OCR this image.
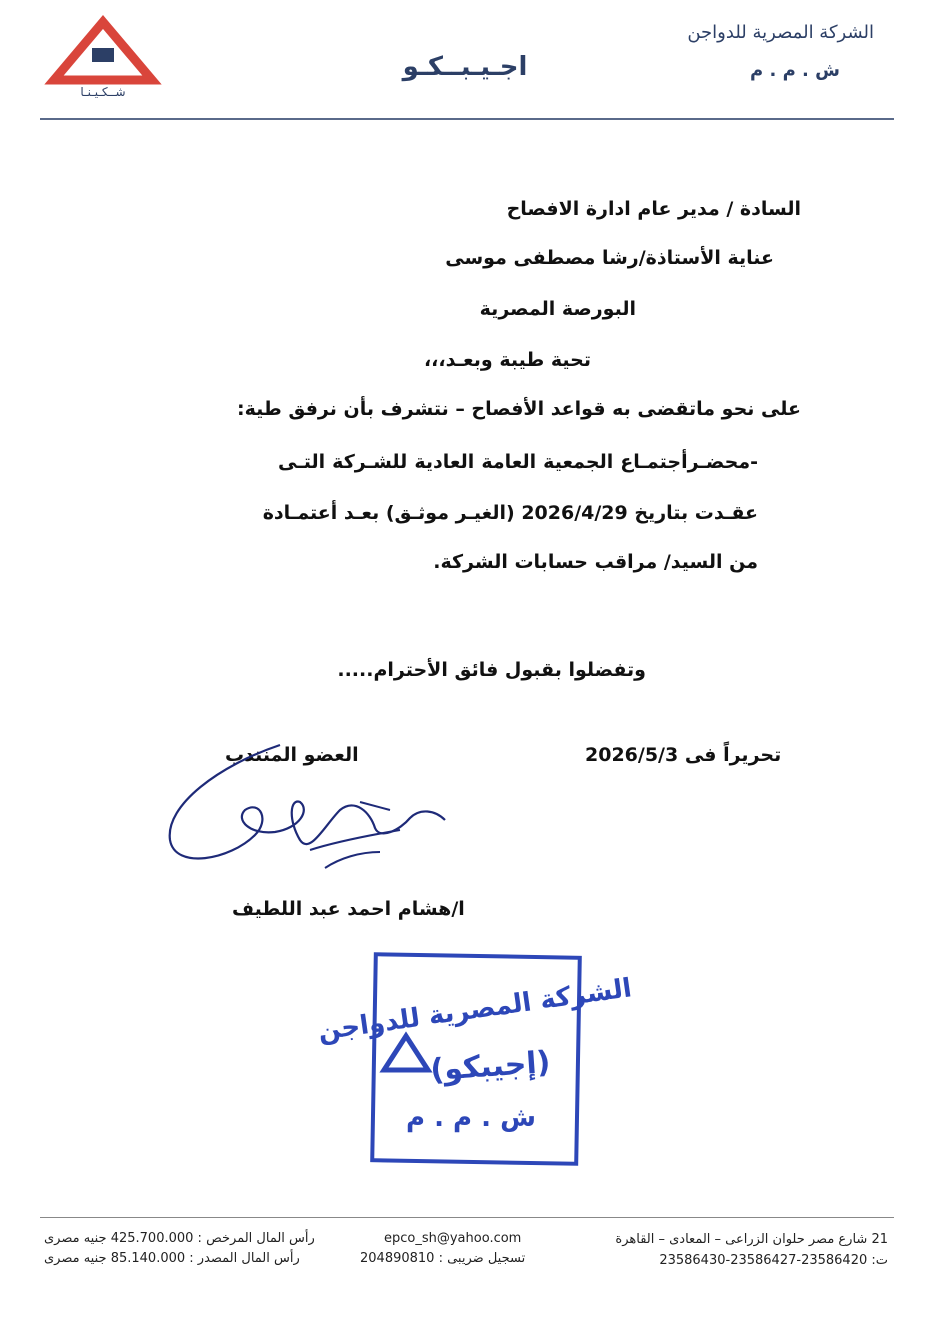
الشركة المصرية للدواجن
ش . م . م
اجـيـبــكـو
شــكـيـنـا
السادة / مدير عام ادارة الافصاح
عناية الأستاذة/رشا مصطفى موسى
البورصة المصرية
تحية طيبة وبعـد،،،
على نحو ماتقضى به قواعد الأفصاح – نتشرف بأن نرفق طية:
-محضـرأجتمـاع الجمعية العامة العادية للشـركة التـى
عقـدت بتاريخ 2026/4/29 (الغيـر موثـق) بعـد أعتمـادة
من السيد/ مراقب حسابات الشركة.
وتفضلوا بقبول فائق الأحترام.....
تحريراً فى 2026/5/3
العضو المنتدب
ا/هشام احمد عبد اللطيف
الشركة المصرية للدواجن
(إجيبكو)
ش . م . م
21 شارع مصر حلوان الزراعى – المعادى – القاهرة
ت: 23586420-23586427-23586430
epco_sh@yahoo.com
تسجيل ضريبى : 204890810
رأس المال المرخص : 425.700.000 جنيه مصرى
رأس المال المصدر : 85.140.000 جنيه مصرى
